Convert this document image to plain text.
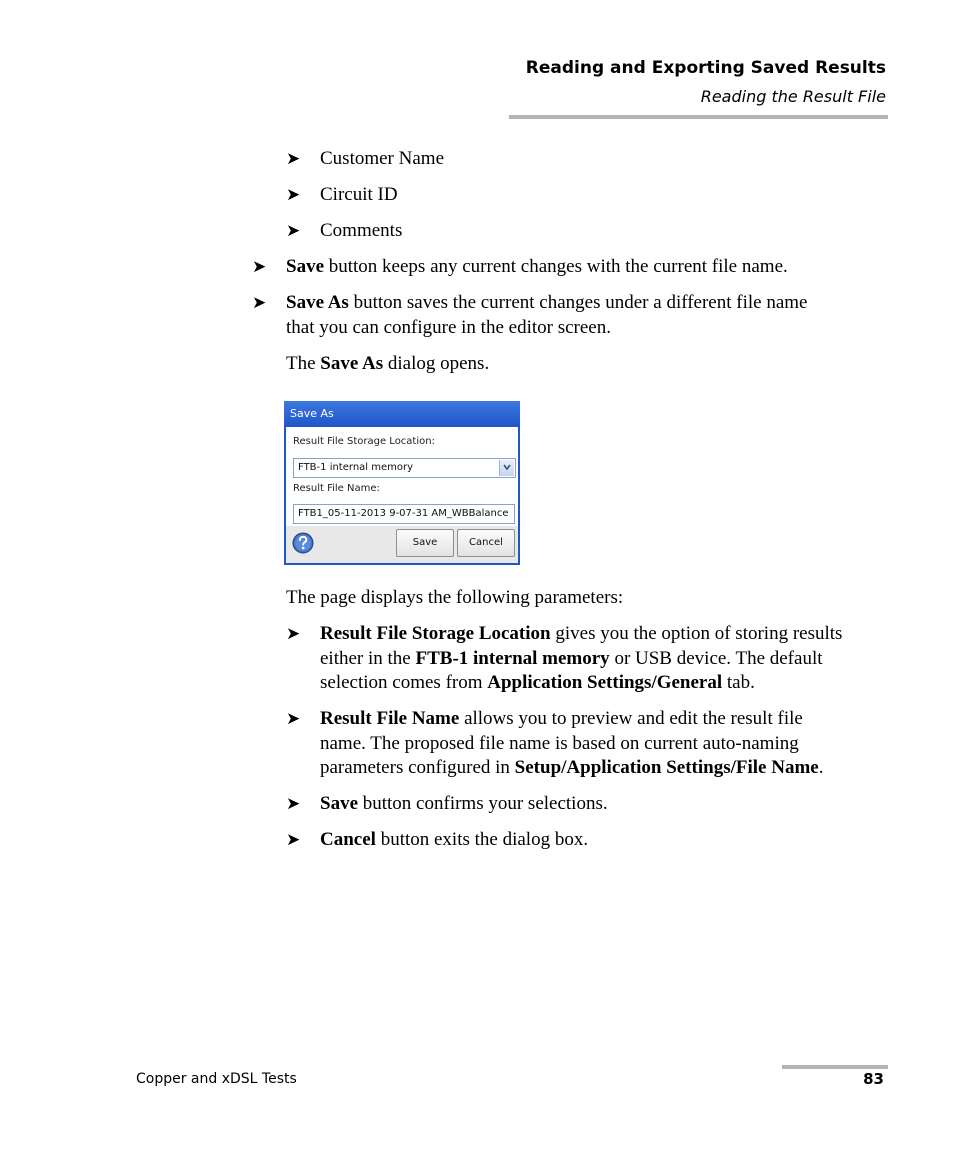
Reading and Exporting Saved Results
Reading the Result File
➤ Customer Name
➤ Circuit ID
➤ Comments
➤ Save button keeps any current changes with the current file name.
➤ Save As button saves the current changes under a different file name
that you can configure in the editor screen.
The Save As dialog opens.
Save As
Result File Storage Location:
FTB-1 internal memory
Result File Name:
FTB1_05-11-2013 9-07-31 AM_WBBalance
Save	Cancel
The page displays the following parameters:
➤ Result File Storage Location gives you the option of storing results
either in the FTB-1 internal memory or USB device. The default
selection comes from Application Settings/General tab.
➤ Result File Name allows you to preview and edit the result file
name. The proposed file name is based on current auto-naming
parameters configured in Setup/Application Settings/File Name.
➤ Save button confirms your selections.
➤ Cancel button exits the dialog box.
Copper and xDSL Tests	83
